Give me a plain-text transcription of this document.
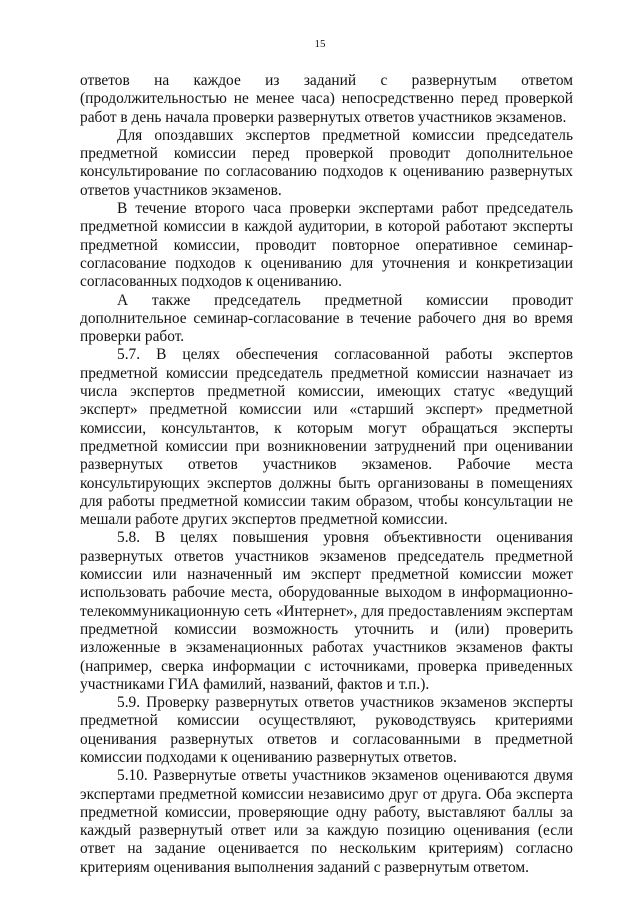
15

ответов на каждое из заданий с развернутым ответом (продолжительностью не менее часа) непосредственно перед проверкой работ в день начала проверки развернутых ответов участников экзаменов.

Для опоздавших экспертов предметной комиссии председатель предметной комиссии перед проверкой проводит дополнительное консультирование по согласованию подходов к оцениванию развернутых ответов участников экзаменов.

В течение второго часа проверки экспертами работ председатель предметной комиссии в каждой аудитории, в которой работают эксперты предметной комиссии, проводит повторное оперативное семинар-согласование подходов к оцениванию для уточнения и конкретизации согласованных подходов к оцениванию.

А также председатель предметной комиссии проводит дополнительное семинар-согласование в течение рабочего дня во время проверки работ.

5.7. В целях обеспечения согласованной работы экспертов предметной комиссии председатель предметной комиссии назначает из числа экспертов предметной комиссии, имеющих статус «ведущий эксперт» предметной комиссии или «старший эксперт» предметной комиссии, консультантов, к которым могут обращаться эксперты предметной комиссии при возникновении затруднений при оценивании развернутых ответов участников экзаменов. Рабочие места консультирующих экспертов должны быть организованы в помещениях для работы предметной комиссии таким образом, чтобы консультации не мешали работе других экспертов предметной комиссии.

5.8. В целях повышения уровня объективности оценивания развернутых ответов участников экзаменов председатель предметной комиссии или назначенный им эксперт предметной комиссии может использовать рабочие места, оборудованные выходом в информационно-телекоммуникационную сеть «Интернет», для предоставлениям экспертам предметной комиссии возможность уточнить и (или) проверить изложенные в экзаменационных работах участников экзаменов факты (например, сверка информации с источниками, проверка приведенных участниками ГИА фамилий, названий, фактов и т.п.).

5.9. Проверку развернутых ответов участников экзаменов эксперты предметной комиссии осуществляют, руководствуясь критериями оценивания развернутых ответов и согласованными в предметной комиссии подходами к оцениванию развернутых ответов.

5.10. Развернутые ответы участников экзаменов оцениваются двумя экспертами предметной комиссии независимо друг от друга. Оба эксперта предметной комиссии, проверяющие одну работу, выставляют баллы за каждый развернутый ответ или за каждую позицию оценивания (если ответ на задание оценивается по нескольким критериям) согласно критериям оценивания выполнения заданий с развернутым ответом.
